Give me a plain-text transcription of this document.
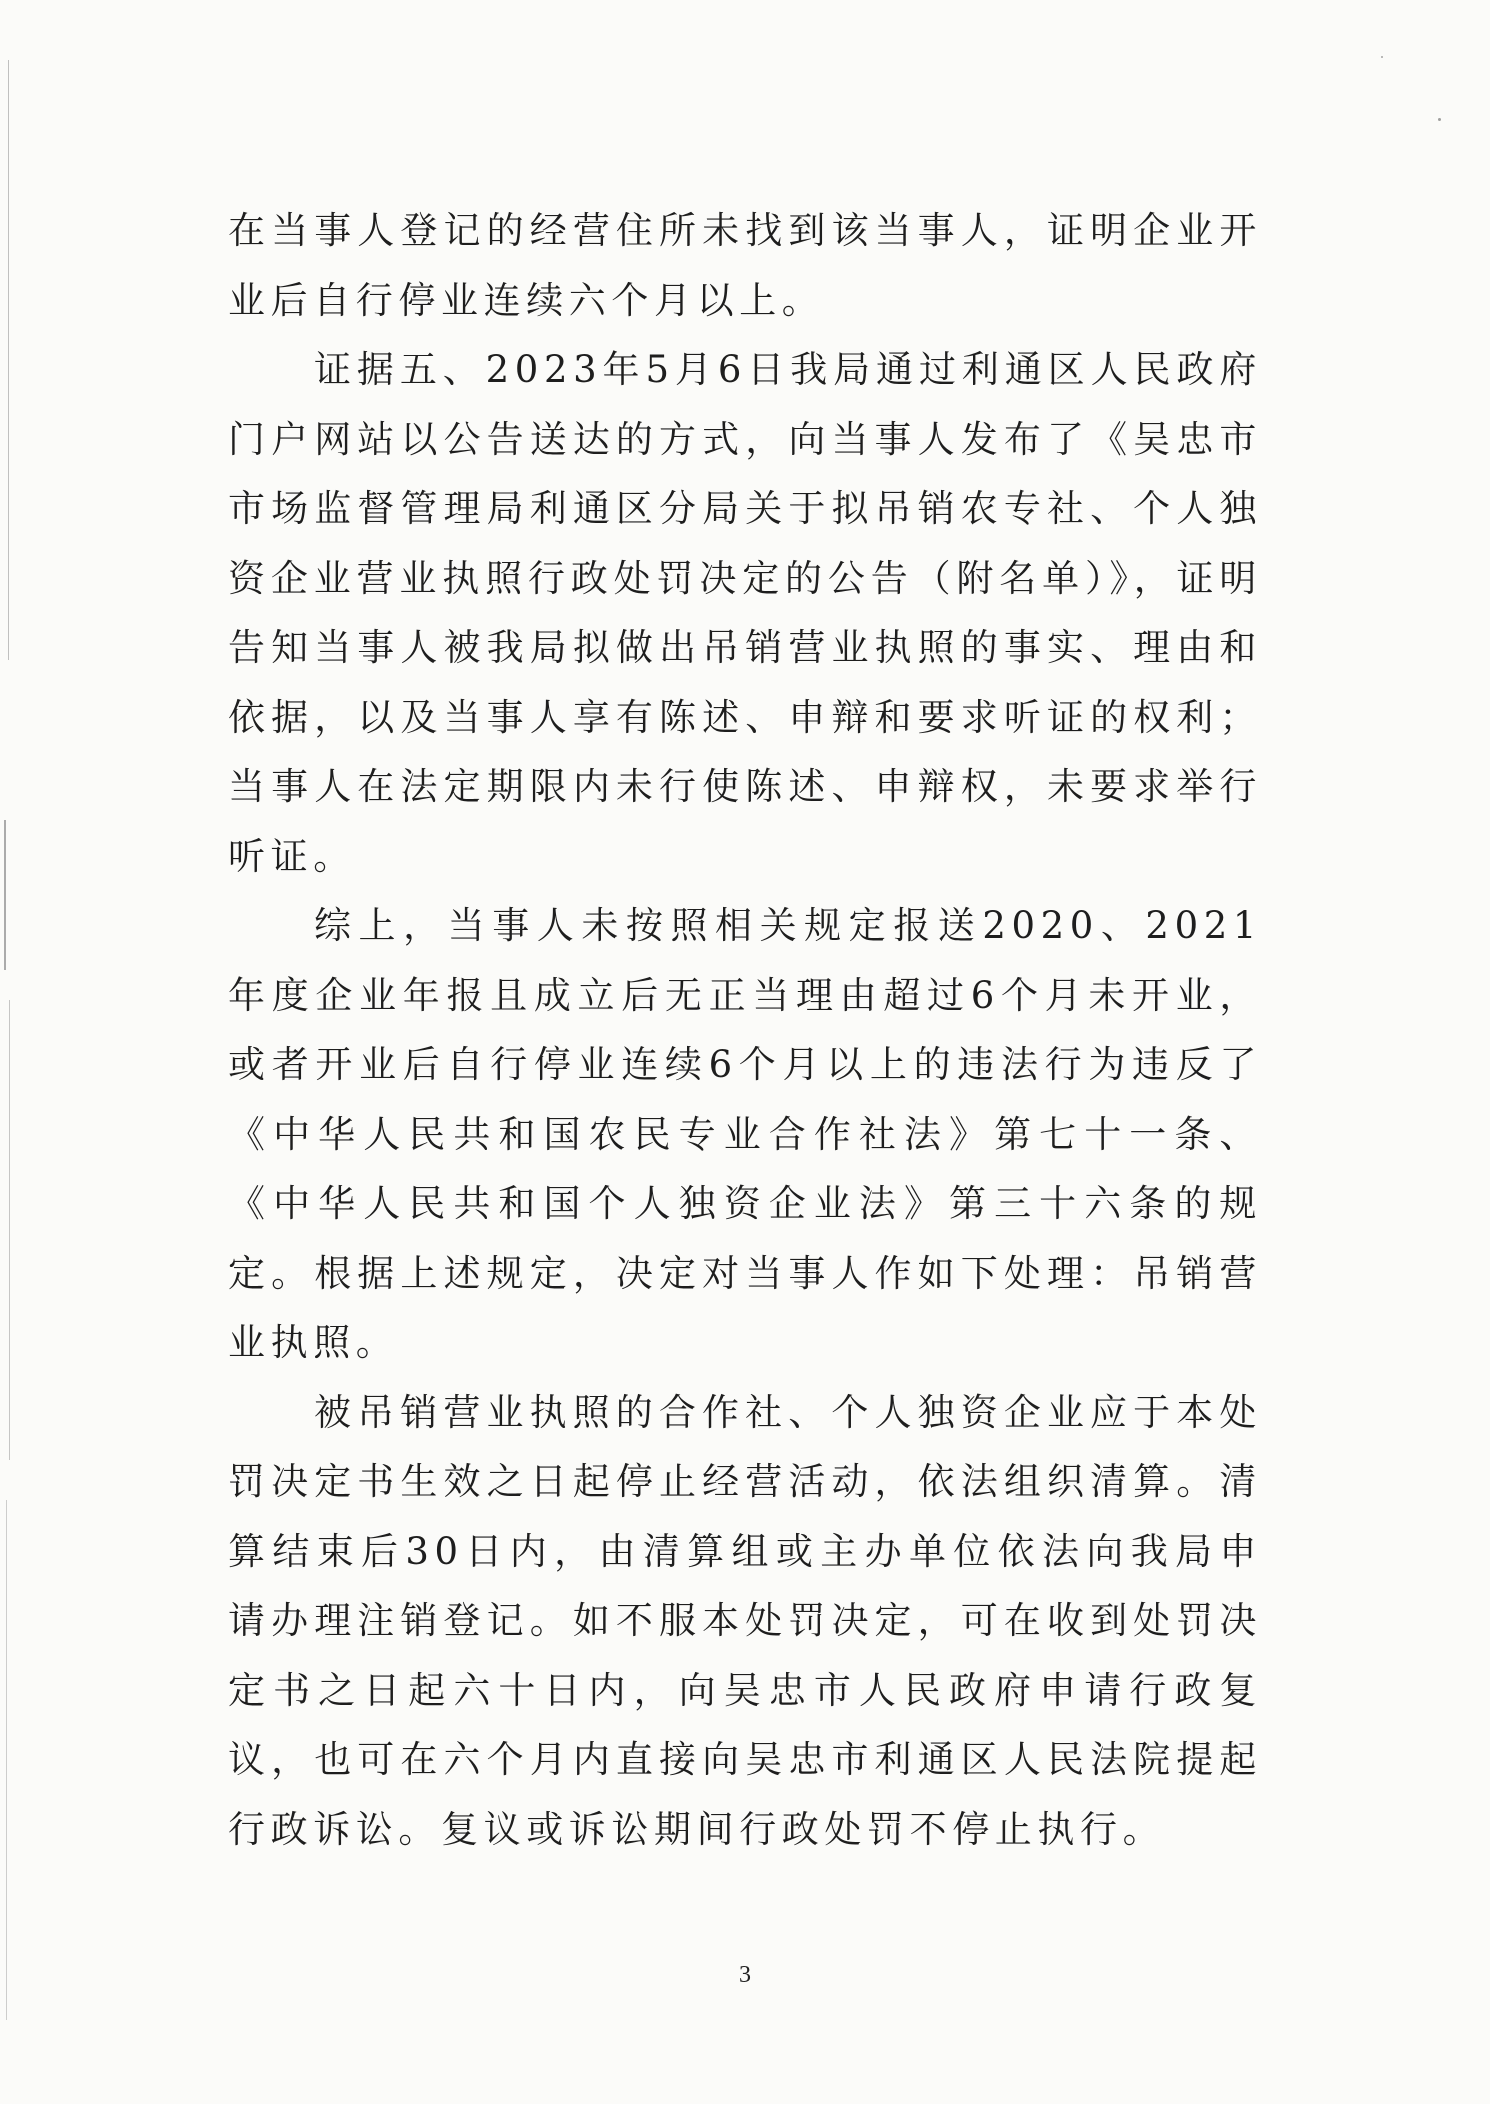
在当事人登记的经营住所未找到该当事人，证明企业开业后自行停业连续六个月以上。

证据五、2023年5月6日我局通过利通区人民政府门户网站以公告送达的方式，向当事人发布了《吴忠市市场监督管理局利通区分局关于拟吊销农专社、个人独资企业营业执照行政处罚决定的公告（附名单）》，证明告知当事人被我局拟做出吊销营业执照的事实、理由和依据，以及当事人享有陈述、申辩和要求听证的权利；当事人在法定期限内未行使陈述、申辩权，未要求举行听证。

综上，当事人未按照相关规定报送2020、2021年度企业年报且成立后无正当理由超过6个月未开业，或者开业后自行停业连续6个月以上的违法行为违反了《中华人民共和国农民专业合作社法》第七十一条、《中华人民共和国个人独资企业法》第三十六条的规定。根据上述规定，决定对当事人作如下处理：吊销营业执照。

被吊销营业执照的合作社、个人独资企业应于本处罚决定书生效之日起停止经营活动，依法组织清算。清算结束后30日内，由清算组或主办单位依法向我局申请办理注销登记。如不服本处罚决定，可在收到处罚决定书之日起六十日内，向吴忠市人民政府申请行政复议，也可在六个月内直接向吴忠市利通区人民法院提起行政诉讼。复议或诉讼期间行政处罚不停止执行。

3
